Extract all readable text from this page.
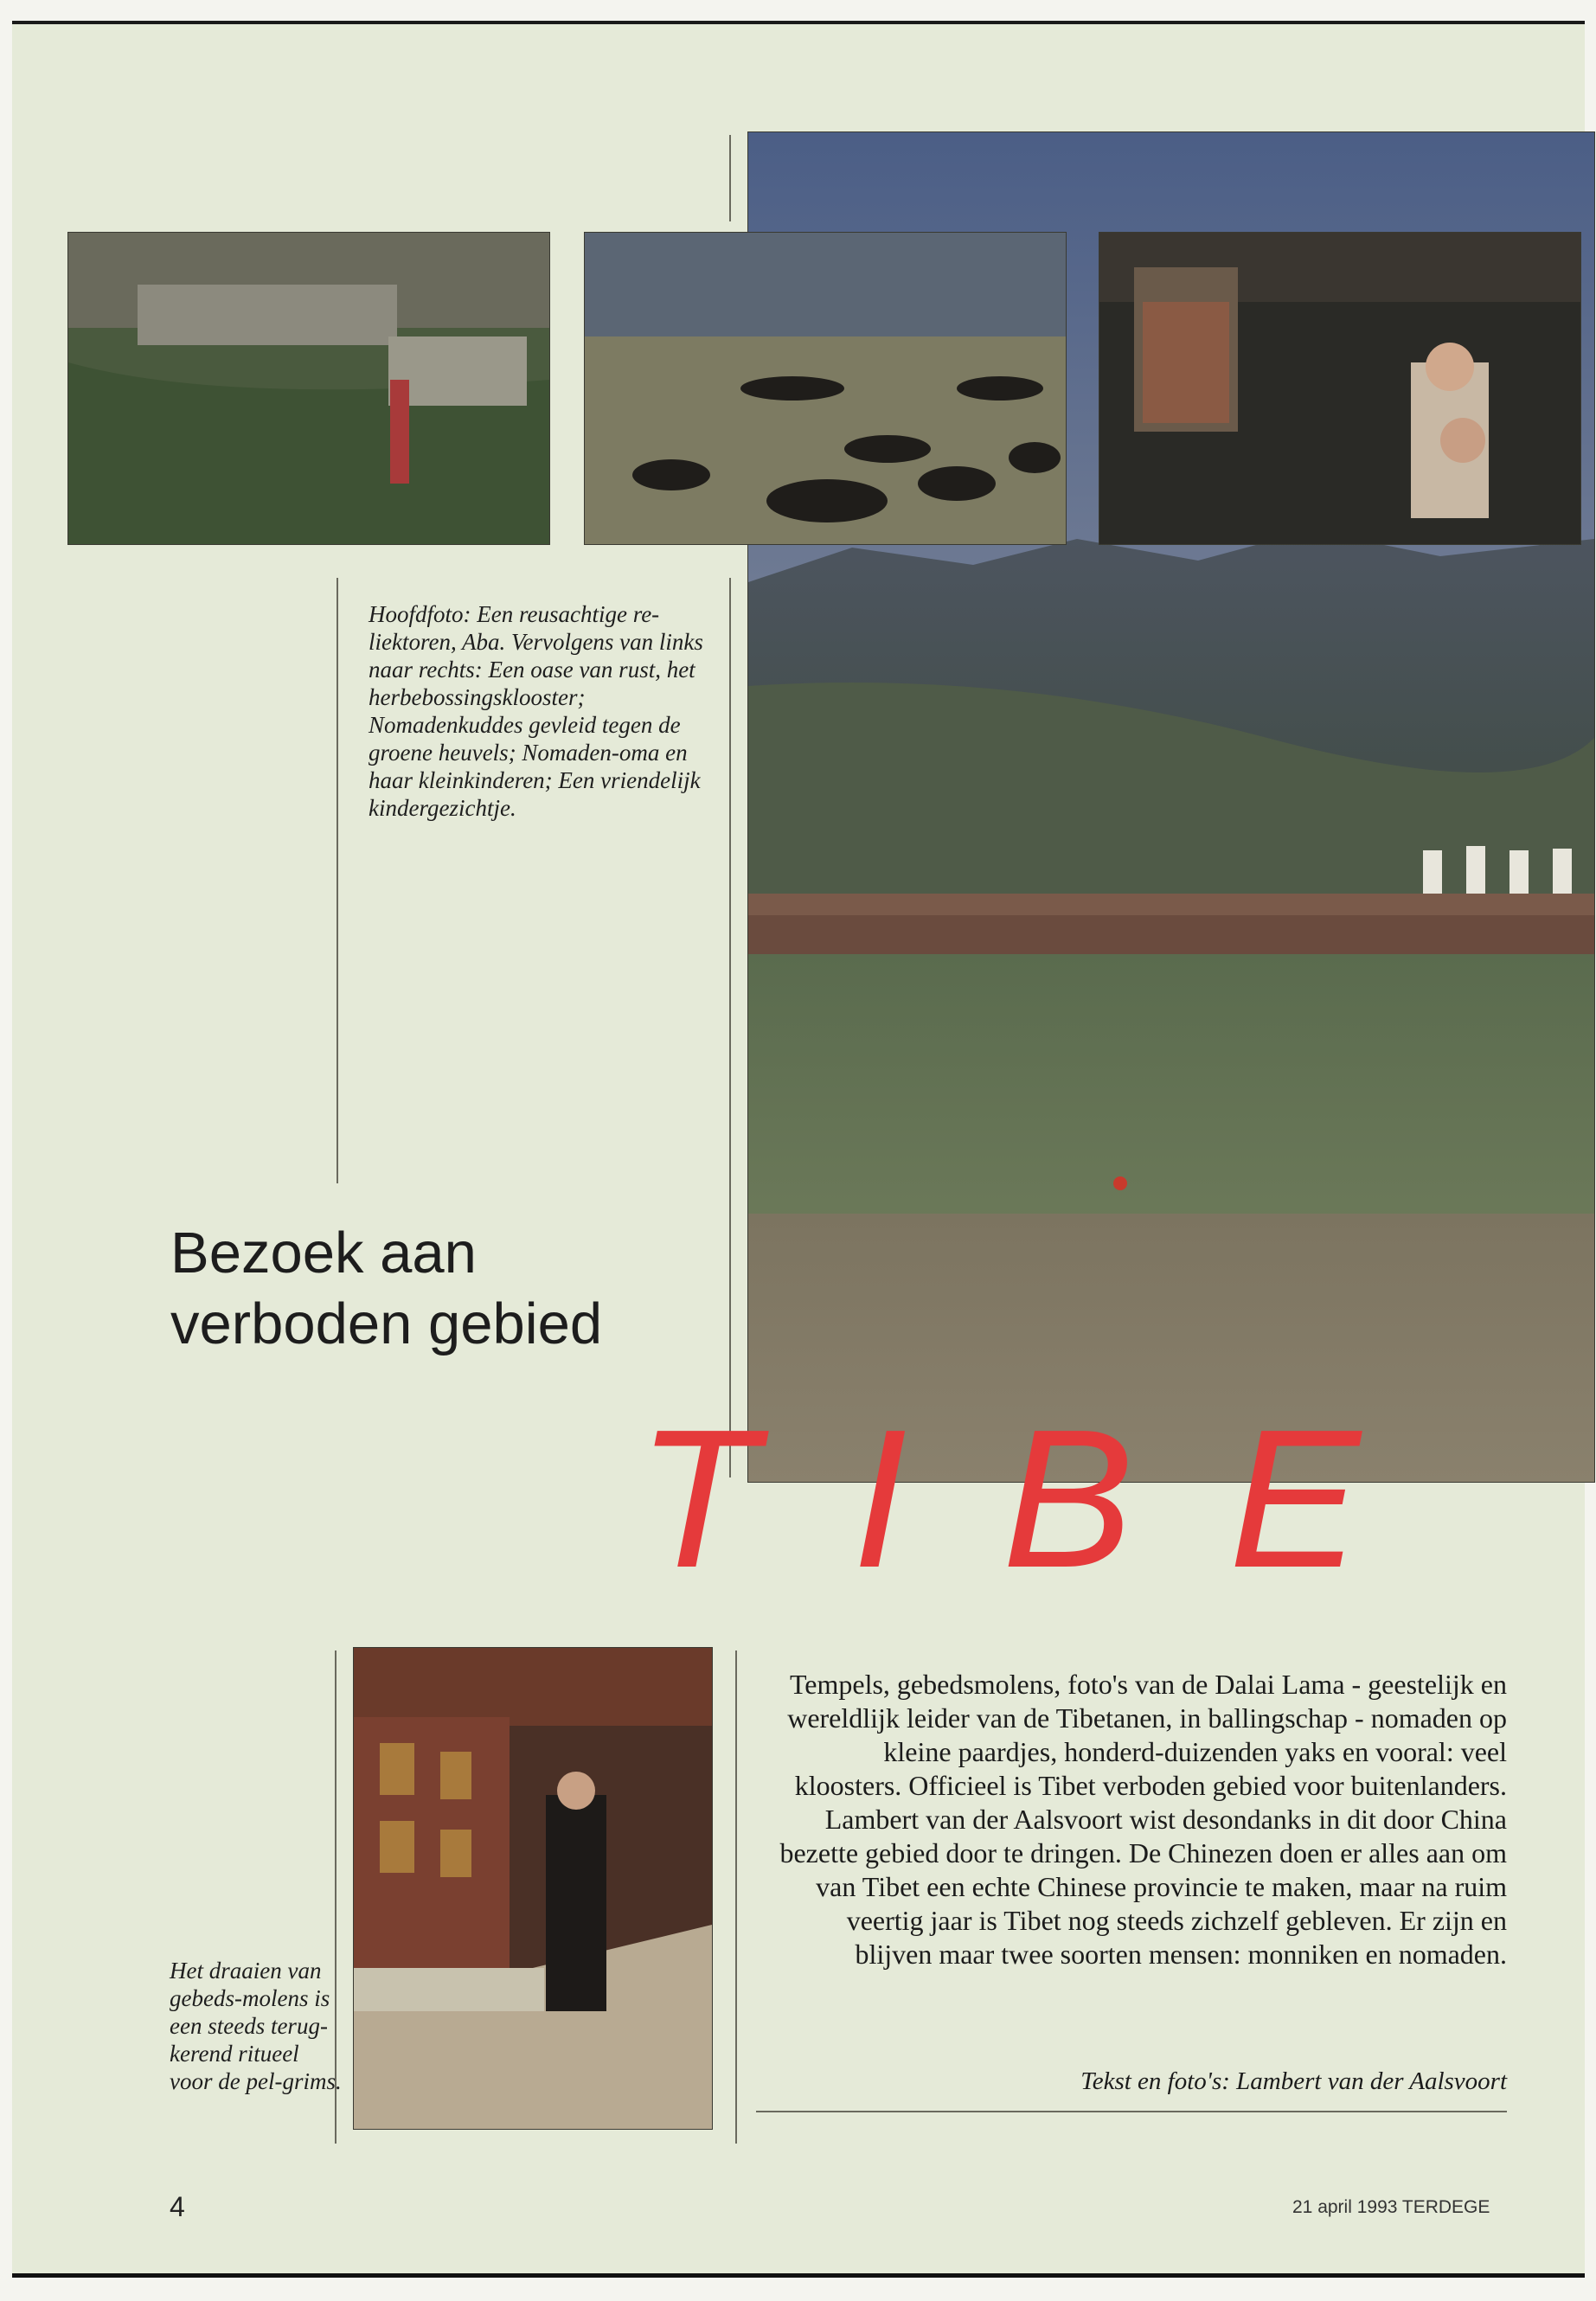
Hoofdfoto: Een reusachtige re-liektoren, Aba. Vervolgens van links naar rechts: Een oase van rust, het herbebossingsklooster; Nomadenkuddes gevleid tegen de groene heuvels; Nomaden-oma en haar kleinkinderen; Een vriendelijk kindergezichtje.
Bezoek aan
verboden gebied
TIBE
Het draaien van gebeds-molens is een steeds terug-kerend ritueel voor de pel-grims.
Tempels, gebedsmolens, foto's van de Dalai Lama - geestelijk en wereldlijk leider van de Tibetanen, in ballingschap - nomaden op kleine paardjes, honderd-duizenden yaks en vooral: veel kloosters. Officieel is Tibet verboden gebied voor buitenlanders. Lambert van der Aalsvoort wist desondanks in dit door China bezette gebied door te dringen. De Chinezen doen er alles aan om van Tibet een echte Chinese provincie te maken, maar na ruim veertig jaar is Tibet nog steeds zichzelf gebleven. Er zijn en blijven maar twee soorten mensen: monniken en nomaden.
Tekst en foto's: Lambert van der Aalsvoort
4	21 april 1993 TERDEGE
